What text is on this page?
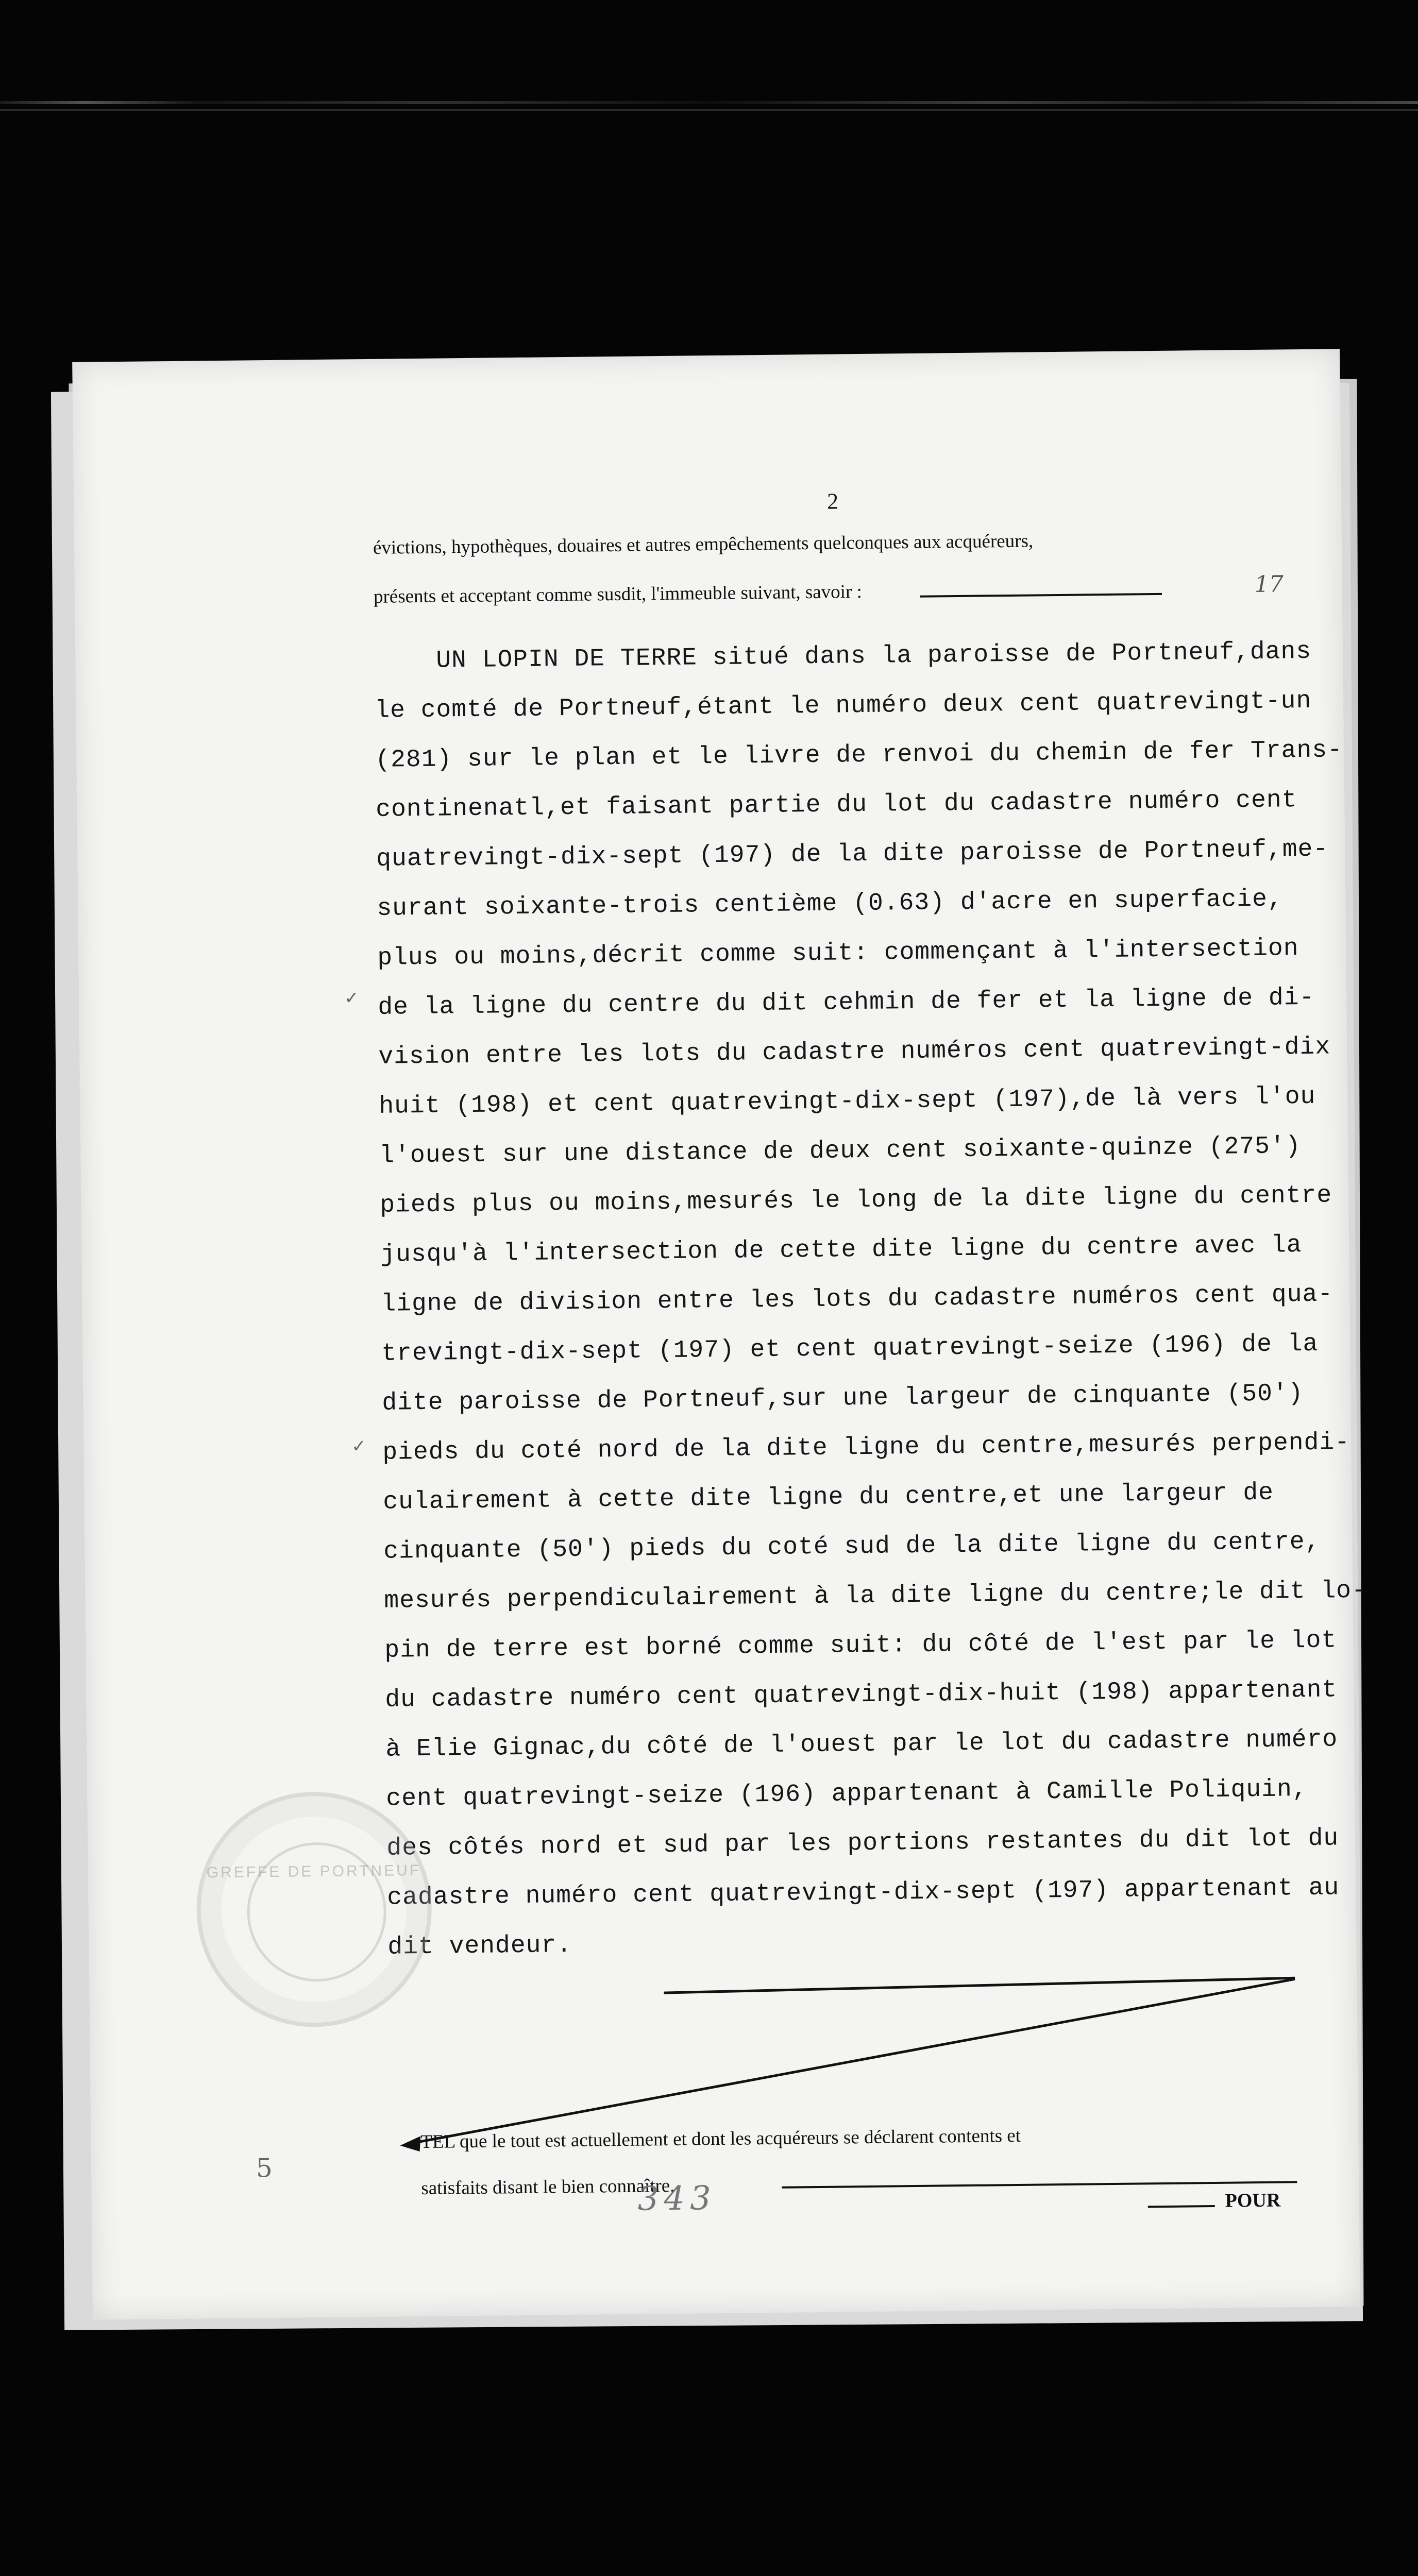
2
évictions, hypothèques, douaires et autres empêchements quelconques aux acquéreurs,
présents et acceptant comme susdit, l'immeuble suivant, savoir :	17
UN LOPIN DE TERRE situé dans la paroisse de Portneuf,dans
le comté de Portneuf,étant le numéro deux cent quatrevingt-un
(281) sur le plan et le livre de renvoi du chemin de fer Trans-
continenatl,et faisant partie du lot du cadastre numéro cent
quatrevingt-dix-sept (197) de la dite paroisse de Portneuf,me-
surant soixante-trois centième (0.63) d'acre en superfacie,
plus ou moins,décrit comme suit: commençant à l'intersection
de la ligne du centre du dit cehmin de fer et la ligne de di-
vision entre les lots du cadastre numéros cent quatrevingt-dix
huit (198) et cent quatrevingt-dix-sept (197),de là vers l'ou
l'ouest sur une distance de deux cent soixante-quinze (275')
pieds plus ou moins,mesurés le long de la dite ligne du centre
jusqu'à l'intersection de cette dite ligne du centre avec la
ligne de division entre les lots du cadastre numéros cent qua-
trevingt-dix-sept (197) et cent quatrevingt-seize (196) de la
dite paroisse de Portneuf,sur une largeur de cinquante (50')
pieds du coté nord de la dite ligne du centre,mesurés perpendi-
culairement à cette dite ligne du centre,et une largeur de
cinquante (50') pieds du coté sud de la dite ligne du centre,
mesurés perpendiculairement à la dite ligne du centre;le dit lo-
pin de terre est borné comme suit: du côté de l'est par le lot
du cadastre numéro cent quatrevingt-dix-huit (198) appartenant
à Elie Gignac,du côté de l'ouest par le lot du cadastre numéro
cent quatrevingt-seize (196) appartenant à Camille Poliquin,
des côtés nord et sud par les portions restantes du dit lot du
cadastre numéro cent quatrevingt-dix-sept (197) appartenant au
dit vendeur.
✓
✓
GREFFE DE PORTNEUF
TEL que le tout est actuellement et dont les acquéreurs se déclarent contents et
satisfaits disant le bien connaître.
POUR
343
5
